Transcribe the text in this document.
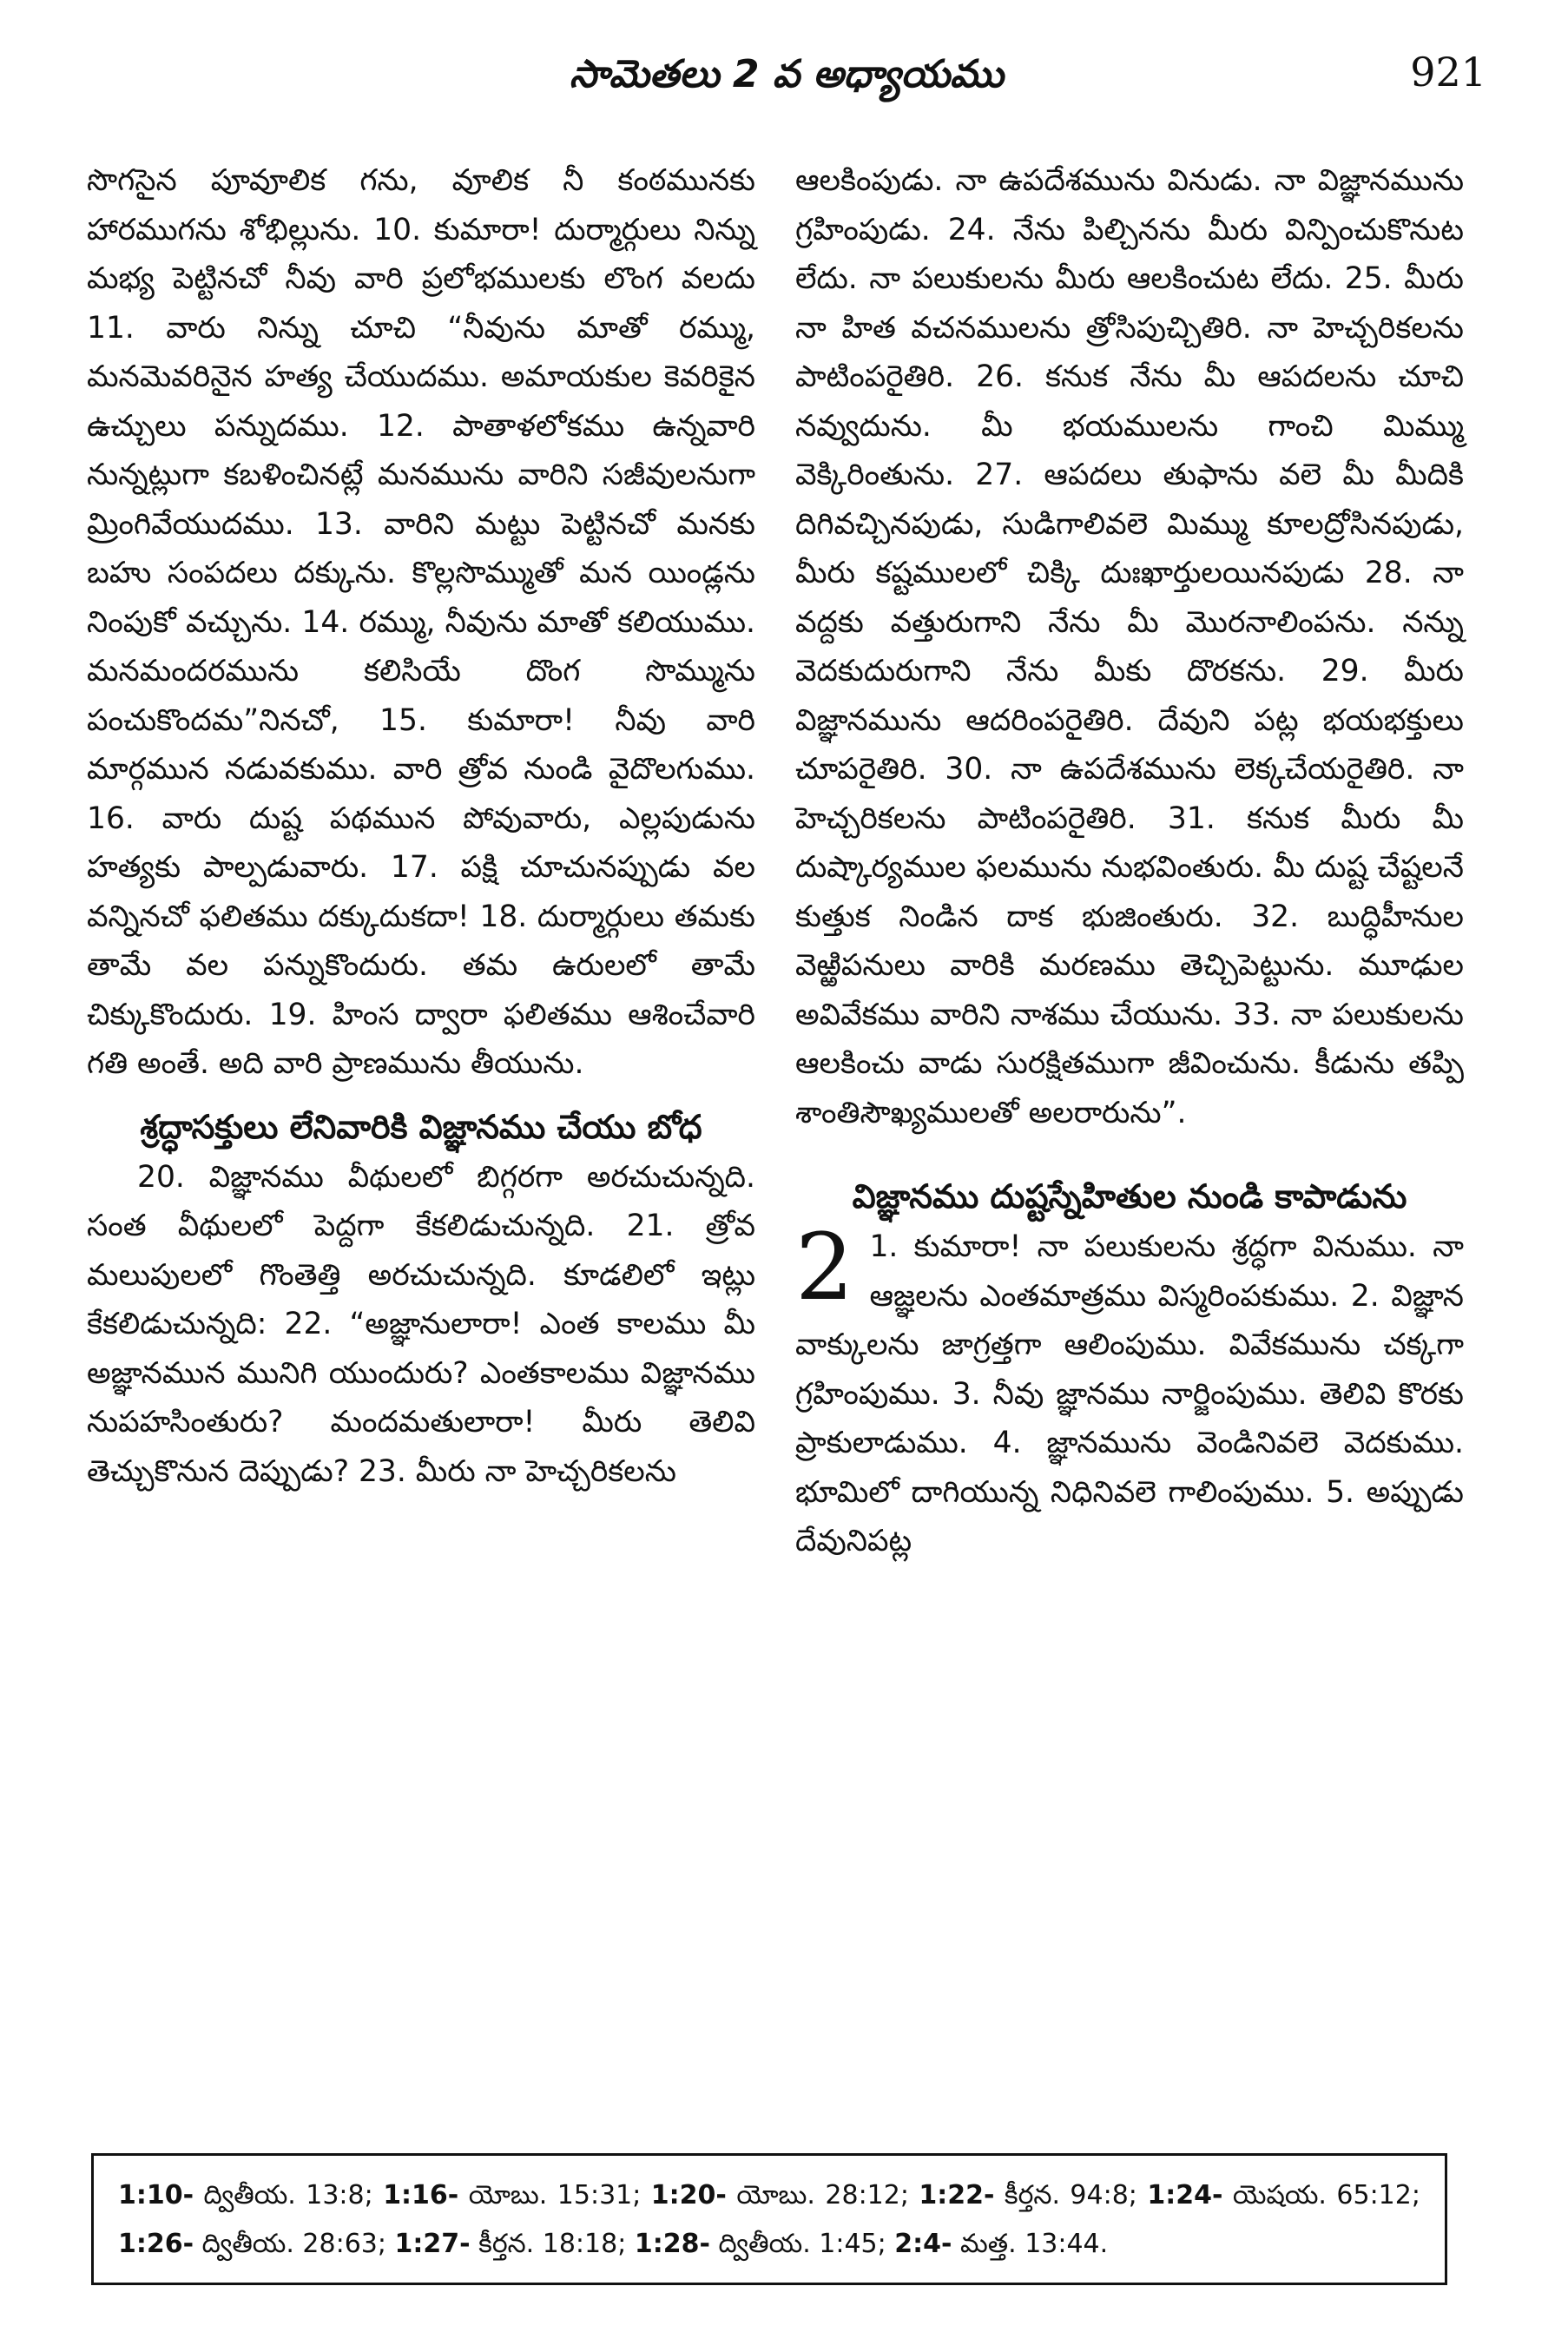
సామెతలు 2 వ అధ్యాయము	921

సొగసైన పూవూలిక గను, వూలిక నీ కంఠమునకు హారముగను శోభిల్లును. 10. కుమారా! దుర్మార్గులు నిన్ను మభ్య పెట్టినచో నీవు వారి ప్రలోభములకు లొంగ వలదు 11. వారు నిన్ను చూచి “నీవును మాతో రమ్ము, మనమెవరినైన హత్య చేయుదము. అమాయకుల కెవరికైన ఉచ్చులు పన్నుదము. 12. పాతాళలోకము ఉన్నవారి నున్నట్లుగా కబళించినట్లే మనమును వారిని సజీవులనుగా మ్రింగివేయుదము. 13. వారిని మట్టు పెట్టినచో మనకు బహు సంపదలు దక్కును. కొల్లసొమ్ముతో మన యిండ్లను నింపుకో వచ్చును. 14. రమ్ము, నీవును మాతో కలియుము. మనమందరమును కలిసియే దొంగ సొమ్మును పంచుకొందమ”నినచో, 15. కుమారా! నీవు వారి మార్గమున నడువకుము. వారి త్రోవ నుండి వైదొలగుము. 16. వారు దుష్ట పథమున పోవువారు, ఎల్లపుడును హత్యకు పాల్పడువారు. 17. పక్షి చూచునప్పుడు వల వన్నినచో ఫలితము దక్కుదుకదా! 18. దుర్మార్గులు తమకు తామే వల పన్నుకొందురు. తమ ఉరులలో తామే చిక్కుకొందురు. 19. హింస ద్వారా ఫలితము ఆశించేవారి గతి అంతే. అది వారి ప్రాణమును తీయును.

శ్రద్ధాసక్తులు లేనివారికి విజ్ఞానము చేయు బోధ

20. విజ్ఞానము వీథులలో బిగ్గరగా అరచుచున్నది. సంత వీథులలో పెద్దగా కేకలిడుచున్నది. 21. త్రోవ మలుపులలో గొంతెత్తి అరచుచున్నది. కూడలిలో ఇట్లు కేకలిడుచున్నది: 22. “అజ్ఞానులారా! ఎంత కాలము మీ అజ్ఞానమున మునిగి యుందురు? ఎంతకాలము విజ్ఞానము నుపహసింతురు? మందమతులారా! మీరు తెలివి తెచ్చుకొనున దెప్పుడు? 23. మీరు నా హెచ్చరికలను

ఆలకింపుడు. నా ఉపదేశమును వినుడు. నా విజ్ఞానమును గ్రహింపుడు. 24. నేను పిల్చినను మీరు విన్పించుకొనుట లేదు. నా పలుకులను మీరు ఆలకించుట లేదు. 25. మీరు నా హిత వచనములను త్రోసిపుచ్చితిరి. నా హెచ్చరికలను పాటింపరైతిరి. 26. కనుక నేను మీ ఆపదలను చూచి నవ్వుదును. మీ భయములను గాంచి మిమ్ము వెక్కిరింతును. 27. ఆపదలు తుఫాను వలె మీ మీదికి దిగివచ్చినపుడు, సుడిగాలివలె మిమ్ము కూలద్రోసినపుడు, మీరు కష్టములలో చిక్కి దుఃఖార్తులయినపుడు 28. నా వద్దకు వత్తురుగాని నేను మీ మొరనాలింపను. నన్ను వెదకుదురుగాని నేను మీకు దొరకను. 29. మీరు విజ్ఞానమును ఆదరింపరైతిరి. దేవుని పట్ల భయభక్తులు చూపరైతిరి. 30. నా ఉపదేశమును లెక్కచేయరైతిరి. నా హెచ్చరికలను పాటింపరైతిరి. 31. కనుక మీరు మీ దుష్కార్యముల ఫలమును నుభవింతురు. మీ దుష్ట చేష్టలనే కుత్తుక నిండిన దాక భుజింతురు. 32. బుద్ధిహీనుల వెఱ్ఱిపనులు వారికి మరణము తెచ్చిపెట్టును. మూఢుల అవివేకము వారిని నాశము చేయును. 33. నా పలుకులను ఆలకించు వాడు సురక్షితముగా జీవించును. కీడును తప్పి శాంతిసౌఖ్యములతో అలరారును”.

విజ్ఞానము దుష్టస్నేహితుల నుండి కాపాడును

2 1. కుమారా! నా పలుకులను శ్రద్ధగా వినుము. నా ఆజ్ఞలను ఎంతమాత్రము విస్మరింపకుము. 2. విజ్ఞాన వాక్కులను జాగ్రత్తగా ఆలింపుము. వివేకమును చక్కగా గ్రహింపుము. 3. నీవు జ్ఞానము నార్జింపుము. తెలివి కొరకు ప్రాకులాడుము. 4. జ్ఞానమును వెండినివలె వెదకుము. భూమిలో దాగియున్న నిధినివలె గాలింపుము. 5. అప్పుడు దేవునిపట్ల

1:10- ద్వితీయ. 13:8; 1:16- యోబు. 15:31; 1:20- యోబు. 28:12; 1:22- కీర్తన. 94:8; 1:24- యెషయ. 65:12; 1:26- ద్వితీయ. 28:63; 1:27- కీర్తన. 18:18; 1:28- ద్వితీయ. 1:45; 2:4- మత్త. 13:44.
